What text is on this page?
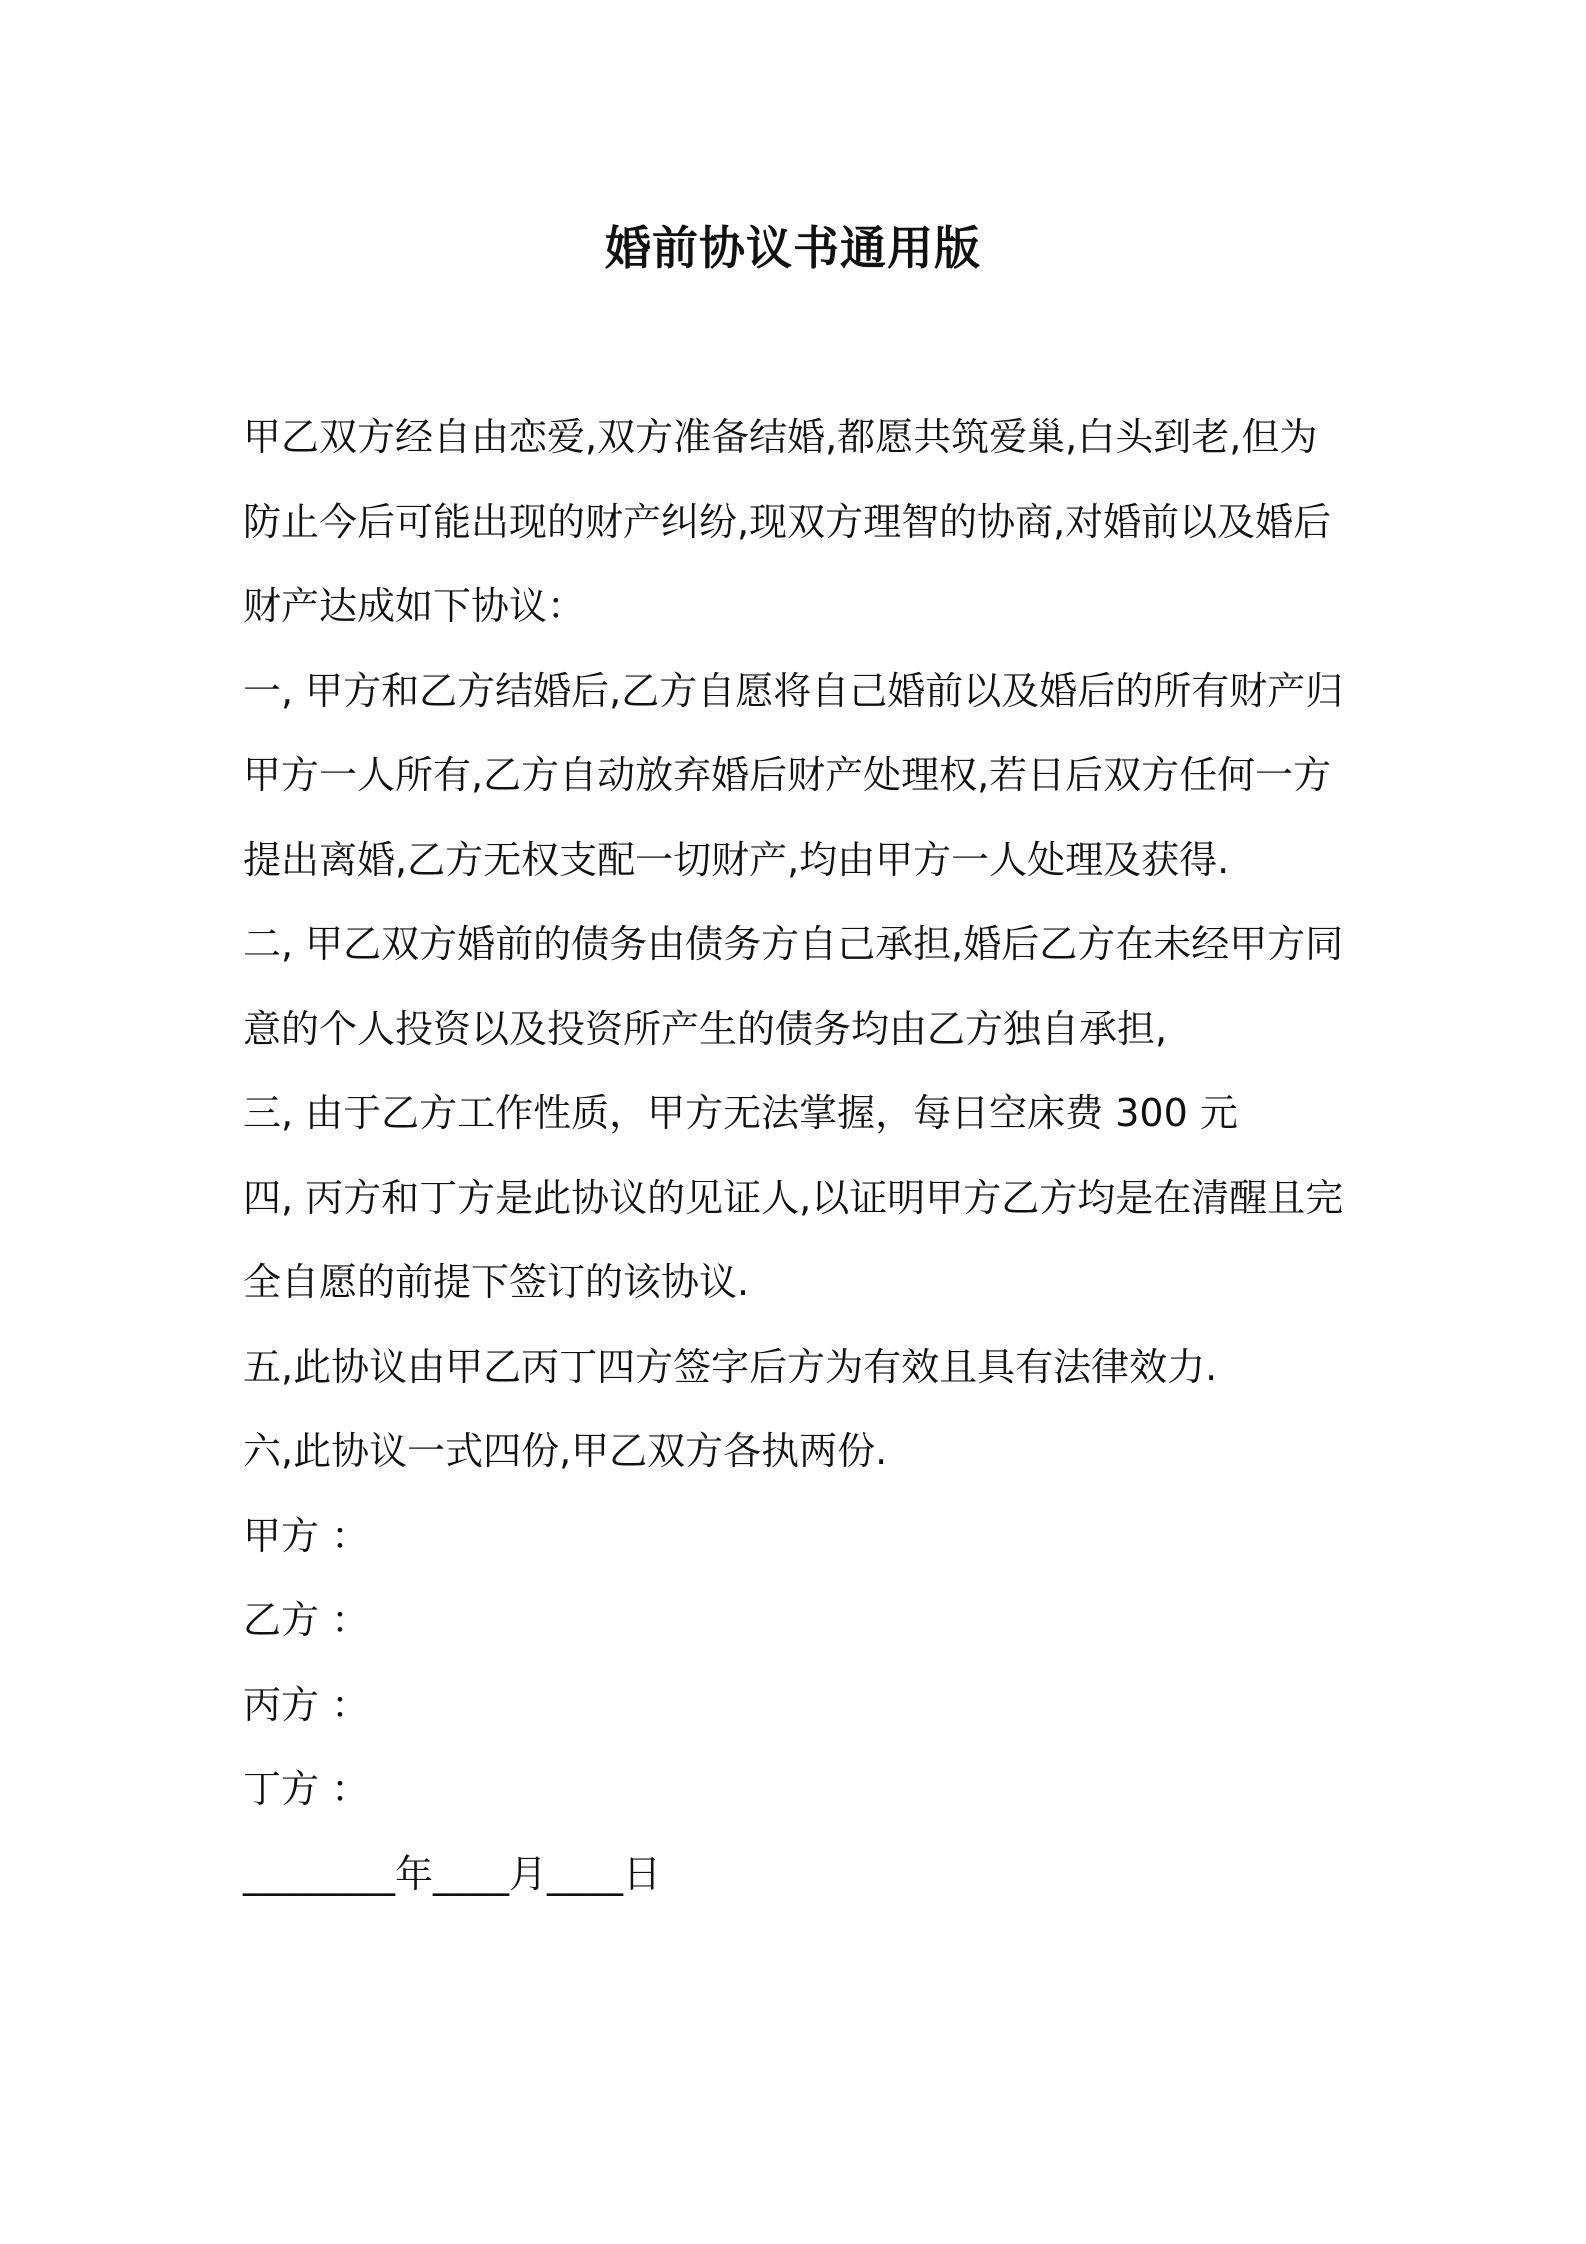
婚前协议书通用版

甲乙双方经自由恋爱,双方准备结婚,都愿共筑爱巢,白头到老,但为防止今后可能出现的财产纠纷,现双方理智的协商,对婚前以及婚后财产达成如下协议：

一, 甲方和乙方结婚后,乙方自愿将自己婚前以及婚后的所有财产归甲方一人所有,乙方自动放弃婚后财产处理权,若日后双方任何一方提出离婚,乙方无权支配一切财产,均由甲方一人处理及获得.

二, 甲乙双方婚前的债务由债务方自己承担,婚后乙方在未经甲方同意的个人投资以及投资所产生的债务均由乙方独自承担,

三, 由于乙方工作性质，甲方无法掌握，每日空床费 300 元

四, 丙方和丁方是此协议的见证人,以证明甲方乙方均是在清醒且完全自愿的前提下签订的该协议.

五,此协议由甲乙丙丁四方签字后方为有效且具有法律效力.

六,此协议一式四份,甲乙双方各执两份.

甲方 ：

乙方 ：

丙方 ：

丁方 ：

________年____月____日
